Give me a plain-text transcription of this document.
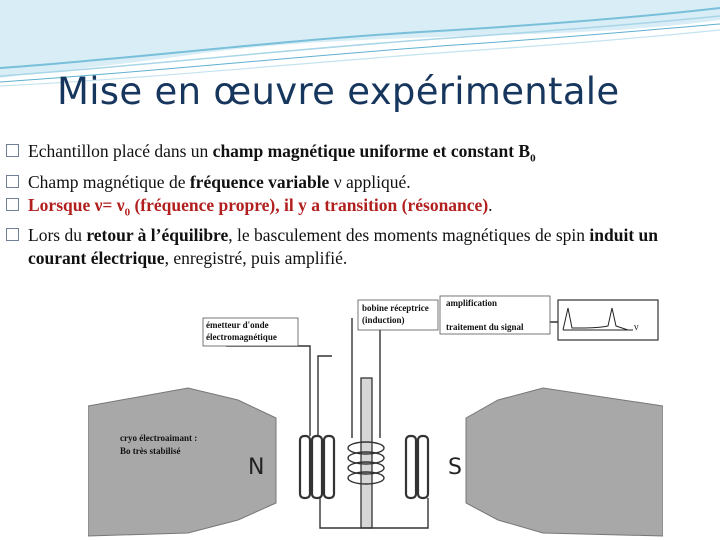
Mise en œuvre expérimentale
Echantillon placé dans un champ magnétique uniforme et constant $B_0$
Champ magnétique de fréquence variable ν appliqué.
Lorsque $\nu= \nu_0$ (fréquence propre), il y a transition (résonance).
Lors du retour à l’équilibre, le basculement des moments magnétiques de spin induit un courant électrique, enregistré, puis amplifié.
émetteur d'onde
électromagnétique
bobine réceptrice
(induction)
amplification
traitement du signal
cryo électroaimant :
Bo très stabilisé
N	S
ν
